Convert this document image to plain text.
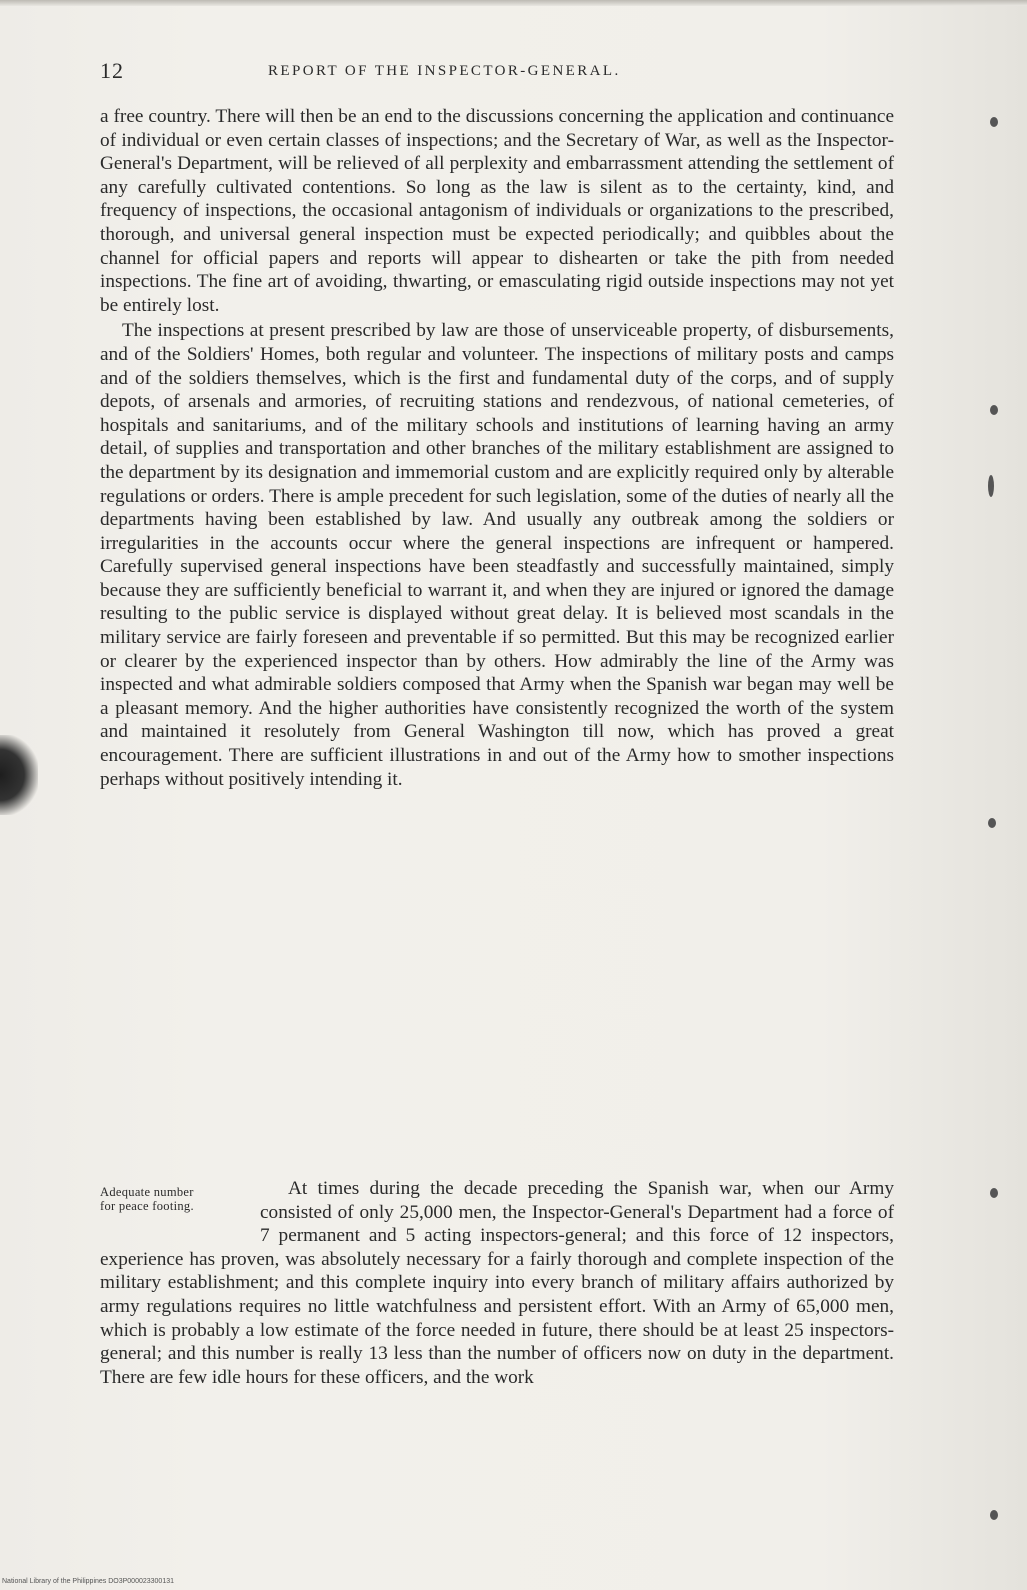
12	REPORT OF THE INSPECTOR-GENERAL.

a free country. There will then be an end to the discussions concerning the application and continuance of individual or even certain classes of inspections; and the Secretary of War, as well as the Inspector-General's Department, will be relieved of all perplexity and embarrassment attending the settlement of any carefully cultivated contentions. So long as the law is silent as to the certainty, kind, and frequency of inspections, the occasional antagonism of individuals or organizations to the prescribed, thorough, and universal general inspection must be expected periodically; and quibbles about the channel for official papers and reports will appear to dishearten or take the pith from needed inspections. The fine art of avoiding, thwarting, or emasculating rigid outside inspections may not yet be entirely lost.

The inspections at present prescribed by law are those of unserviceable property, of disbursements, and of the Soldiers' Homes, both regular and volunteer. The inspections of military posts and camps and of the soldiers themselves, which is the first and fundamental duty of the corps, and of supply depots, of arsenals and armories, of recruiting stations and rendezvous, of national cemeteries, of hospitals and sanitariums, and of the military schools and institutions of learning having an army detail, of supplies and transportation and other branches of the military establishment are assigned to the department by its designation and immemorial custom and are explicitly required only by alterable regulations or orders. There is ample precedent for such legislation, some of the duties of nearly all the departments having been established by law. And usually any outbreak among the soldiers or irregularities in the accounts occur where the general inspections are infrequent or hampered. Carefully supervised general inspections have been steadfastly and successfully maintained, simply because they are sufficiently beneficial to warrant it, and when they are injured or ignored the damage resulting to the public service is displayed without great delay. It is believed most scandals in the military service are fairly foreseen and preventable if so permitted. But this may be recognized earlier or clearer by the experienced inspector than by others. How admirably the line of the Army was inspected and what admirable soldiers composed that Army when the Spanish war began may well be a pleasant memory. And the higher authorities have consistently recognized the worth of the system and maintained it resolutely from General Washington till now, which has proved a great encouragement. There are sufficient illustrations in and out of the Army how to smother inspections perhaps without positively intending it.

Adequate number
for peace footing.

At times during the decade preceding the Spanish war, when our Army consisted of only 25,000 men, the Inspector-General's Department had a force of 7 permanent and 5 acting inspectors-general; and this force of 12 inspectors, experience has proven, was absolutely necessary for a fairly thorough and complete inspection of the military establishment; and this complete inquiry into every branch of military affairs authorized by army regulations requires no little watchfulness and persistent effort. With an Army of 65,000 men, which is probably a low estimate of the force needed in future, there should be at least 25 inspectors-general; and this number is really 13 less than the number of officers now on duty in the department. There are few idle hours for these officers, and the work

National Library of the Philippines DO3P000023300131
